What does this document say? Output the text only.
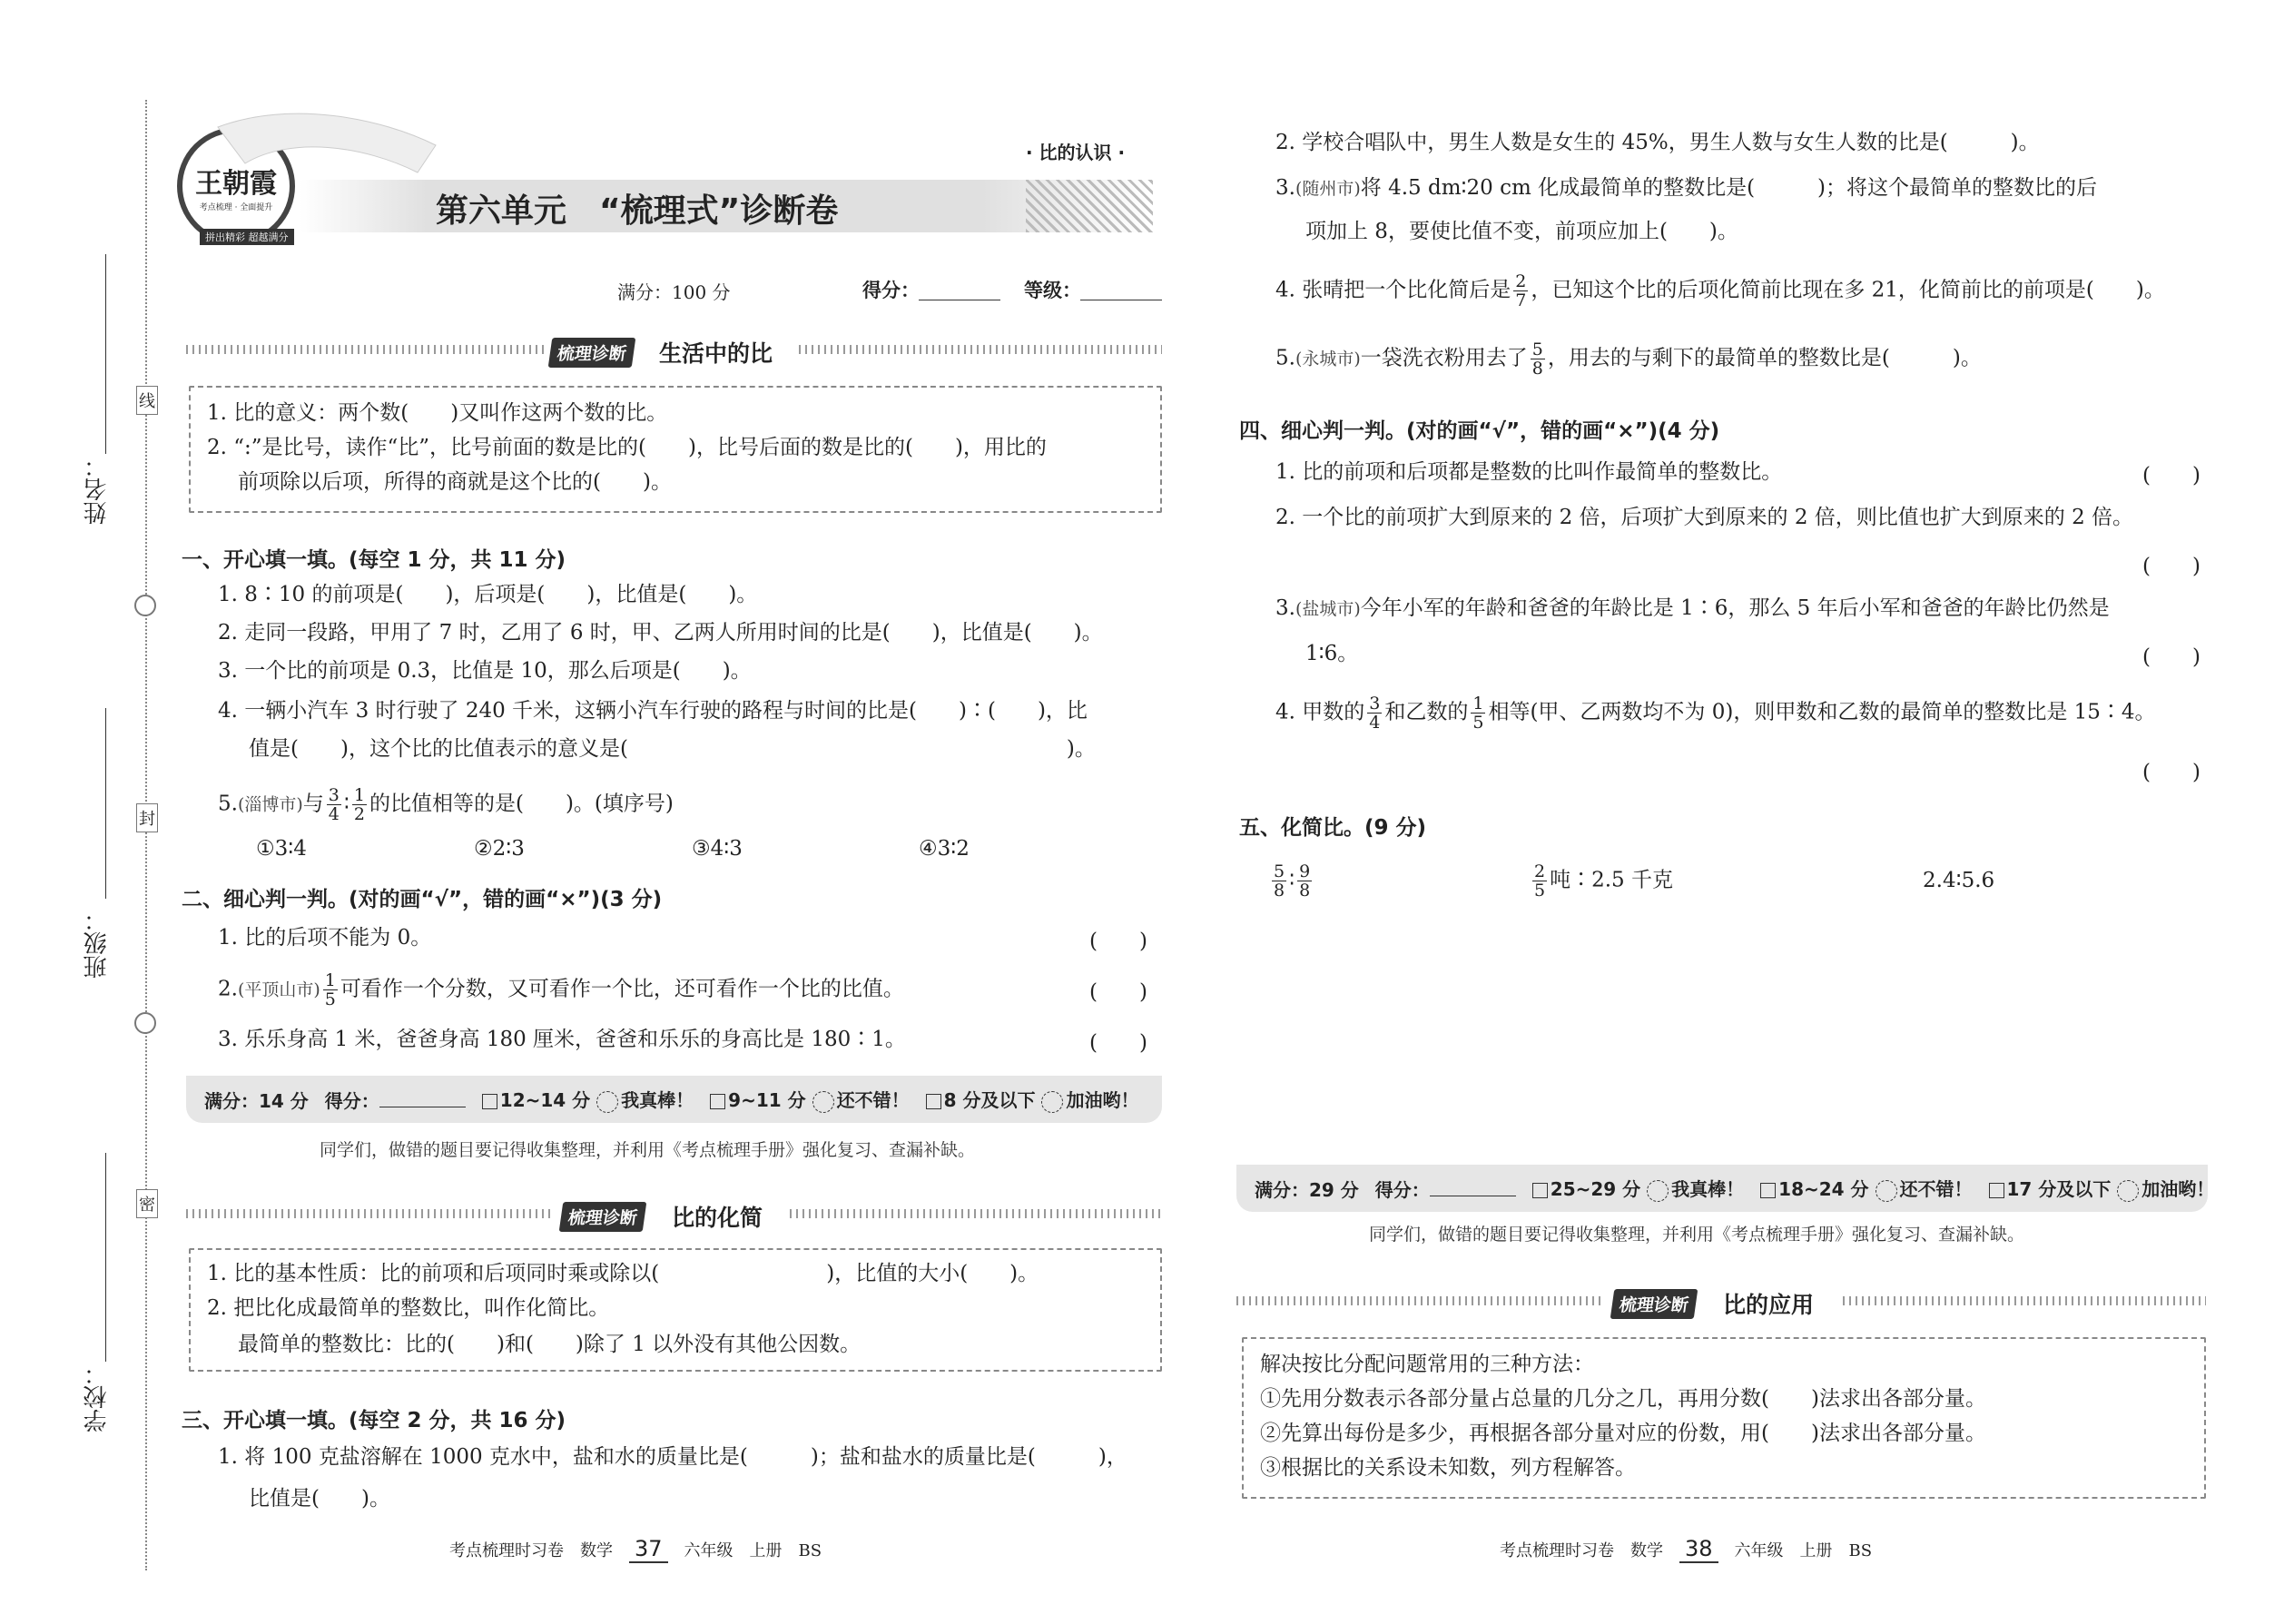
线
封
密
姓名：
班级：
学校：
王朝霞
考点梳理 · 全面提升
拼出精彩 超越满分
第六单元　“梳理式”诊断卷
· 比的认识 ·
满分：100 分	得分：	等级：
梳理诊断	生活中的比
1. 比的意义：两个数(　　)又叫作这两个数的比。
2. “:”是比号，读作“比”，比号前面的数是比的(　　)，比号后面的数是比的(　　)，用比的
前项除以后项，所得的商就是这个比的(　　)。
一、开心填一填。(每空 1 分，共 11 分)
1. 8∶10 的前项是(　　)，后项是(　　)，比值是(　　)。
2. 走同一段路，甲用了 7 时，乙用了 6 时，甲、乙两人所用时间的比是(　　)，比值是(　　)。
3. 一个比的前项是 0.3，比值是 10，那么后项是(　　)。
4. 一辆小汽车 3 时行驶了 240 千米，这辆小汽车行驶的路程与时间的比是(　　)∶(　　)，比
值是(　　)，这个比的比值表示的意义是(　　　　　　　　　　　　　　　　　　　　　)。
5.(淄博市)与 $\frac{3}{4}$ ∶ $\frac{1}{2}$ 的比值相等的是(　　)。(填序号)
①3∶4	②2∶3	③4∶3	④3∶2
二、细心判一判。(对的画“√”，错的画“×”)(3 分)
1. 比的后项不能为 0。	(　　)
2.(平顶山市) $\frac{1}{5}$ 可看作一个分数，又可看作一个比，还可看作一个比的比值。	(　　)
3. 乐乐身高 1 米，爸爸身高 180 厘米，爸爸和乐乐的身高比是 180∶1。	(　　)
满分：14 分 得分：	12~14 分 我真棒！	9~11 分 还不错！	8 分及以下 加油哟！
同学们，做错的题目要记得收集整理，并利用《考点梳理手册》强化复习、查漏补缺。
梳理诊断	比的化简
1. 比的基本性质：比的前项和后项同时乘或除以(　　　　　　　　)，比值的大小(　　)。
2. 把比化成最简单的整数比，叫作化简比。
最简单的整数比：比的(　　)和(　　)除了 1 以外没有其他公因数。
三、开心填一填。(每空 2 分，共 16 分)
1. 将 100 克盐溶解在 1000 克水中，盐和水的质量比是(　　　)；盐和盐水的质量比是(　　　)，
比值是(　　)。
考点梳理时习卷　数学 37	六年级　上册　BS
2. 学校合唱队中，男生人数是女生的 45%，男生人数与女生人数的比是(　　　)。
3.(随州市)将 4.5 dm∶20 cm 化成最简单的整数比是(　　　)；将这个最简单的整数比的后
项加上 8，要使比值不变，前项应加上(　　)。
4. 张晴把一个比化简后是 $\frac{2}{7}$ ，已知这个比的后项化简前比现在多 21，化简前比的前项是(　　)。
5.(永城市)一袋洗衣粉用去了 $\frac{5}{8}$ ，用去的与剩下的最简单的整数比是(　　　)。
四、细心判一判。(对的画“√”，错的画“×”)(4 分)
1. 比的前项和后项都是整数的比叫作最简单的整数比。	(　　)
2. 一个比的前项扩大到原来的 2 倍，后项扩大到原来的 2 倍，则比值也扩大到原来的 2 倍。
(　　)
3.(盐城市)今年小军的年龄和爸爸的年龄比是 1∶6，那么 5 年后小军和爸爸的年龄比仍然是
1∶6。	(　　)
4. 甲数的 $\frac{3}{4}$ 和乙数的 $\frac{1}{5}$ 相等(甲、乙两数均不为 0)，则甲数和乙数的最简单的整数比是 15∶4。
(　　)
五、化简比。(9 分)
$\frac{5}{8}$ ∶ $\frac{9}{8}$	$\frac{2}{5}$ 吨∶2.5 千克	2.4∶5.6
满分：29 分 得分：	25~29 分 我真棒！	18~24 分 还不错！	17 分及以下 加油哟！
同学们，做错的题目要记得收集整理，并利用《考点梳理手册》强化复习、查漏补缺。
梳理诊断	比的应用
解决按比分配问题常用的三种方法：
①先用分数表示各部分量占总量的几分之几，再用分数(　　)法求出各部分量。
②先算出每份是多少，再根据各部分量对应的份数，用(　　)法求出各部分量。
③根据比的关系设未知数，列方程解答。
考点梳理时习卷　数学 38	六年级　上册　BS
